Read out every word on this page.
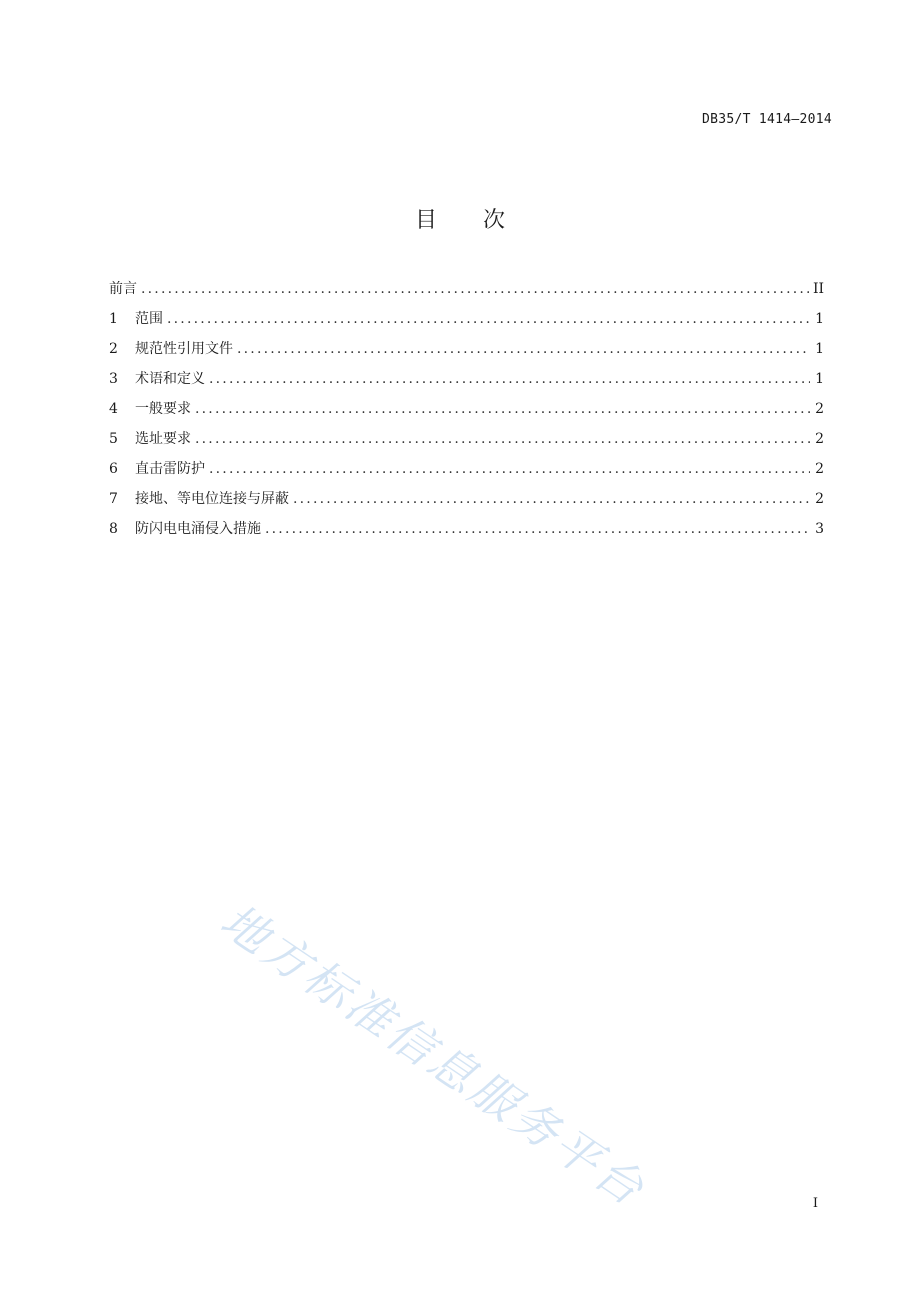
DB35/T 1414—2014
目次
前言 .....	II
1	范围 .....	1
2	规范性引用文件 .....	1
3	术语和定义 .....	1
4	一般要求 .....	2
5	选址要求 .....	2
6	直击雷防护 .....	2
7	接地、等电位连接与屏蔽 .....	2
8	防闪电电涌侵入措施 .....	3
地方标准信息服务平台	I
